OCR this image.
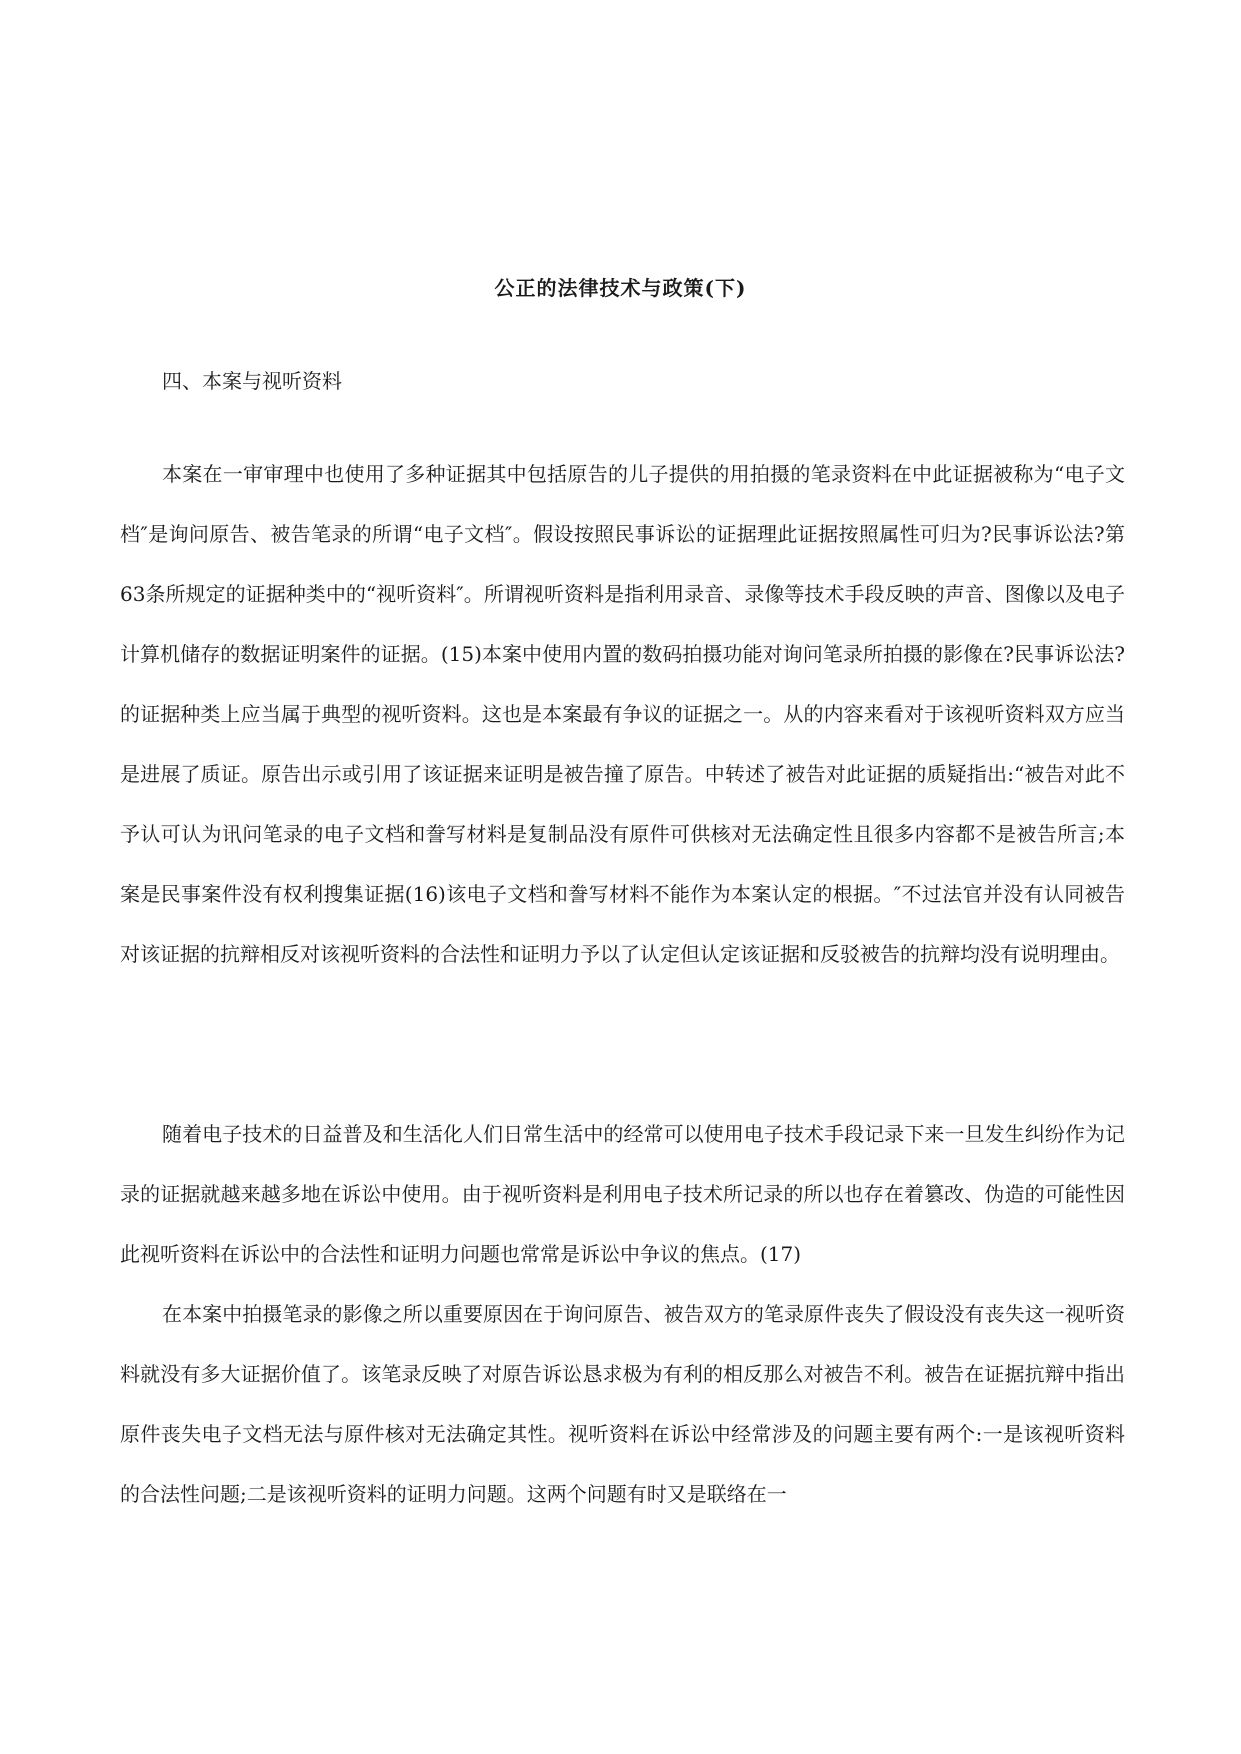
公正的法律技术与政策(下)

四、本案与视听资料

本案在一审审理中也使用了多种证据其中包括原告的儿子提供的用拍摄的笔录资料在中此证据被称为“电子文档″是询问原告、被告笔录的所谓“电子文档″。假设按照民事诉讼的证据理此证据按照属性可归为?民事诉讼法?第63条所规定的证据种类中的“视听资料″。所谓视听资料是指利用录音、录像等技术手段反映的声音、图像以及电子计算机储存的数据证明案件的证据。(15)本案中使用内置的数码拍摄功能对询问笔录所拍摄的影像在?民事诉讼法?的证据种类上应当属于典型的视听资料。这也是本案最有争议的证据之一。从的内容来看对于该视听资料双方应当是进展了质证。原告出示或引用了该证据来证明是被告撞了原告。中转述了被告对此证据的质疑指出:“被告对此不予认可认为讯问笔录的电子文档和誊写材料是复制品没有原件可供核对无法确定性且很多内容都不是被告所言;本案是民事案件没有权利搜集证据(16)该电子文档和誊写材料不能作为本案认定的根据。″不过法官并没有认同被告对该证据的抗辩相反对该视听资料的合法性和证明力予以了认定但认定该证据和反驳被告的抗辩均没有说明理由。

随着电子技术的日益普及和生活化人们日常生活中的经常可以使用电子技术手段记录下来一旦发生纠纷作为记录的证据就越来越多地在诉讼中使用。由于视听资料是利用电子技术所记录的所以也存在着篡改、伪造的可能性因此视听资料在诉讼中的合法性和证明力问题也常常是诉讼中争议的焦点。(17)

在本案中拍摄笔录的影像之所以重要原因在于询问原告、被告双方的笔录原件丧失了假设没有丧失这一视听资料就没有多大证据价值了。该笔录反映了对原告诉讼恳求极为有利的相反那么对被告不利。被告在证据抗辩中指出原件丧失电子文档无法与原件核对无法确定其性。视听资料在诉讼中经常涉及的问题主要有两个:一是该视听资料的合法性问题;二是该视听资料的证明力问题。这两个问题有时又是联络在一
